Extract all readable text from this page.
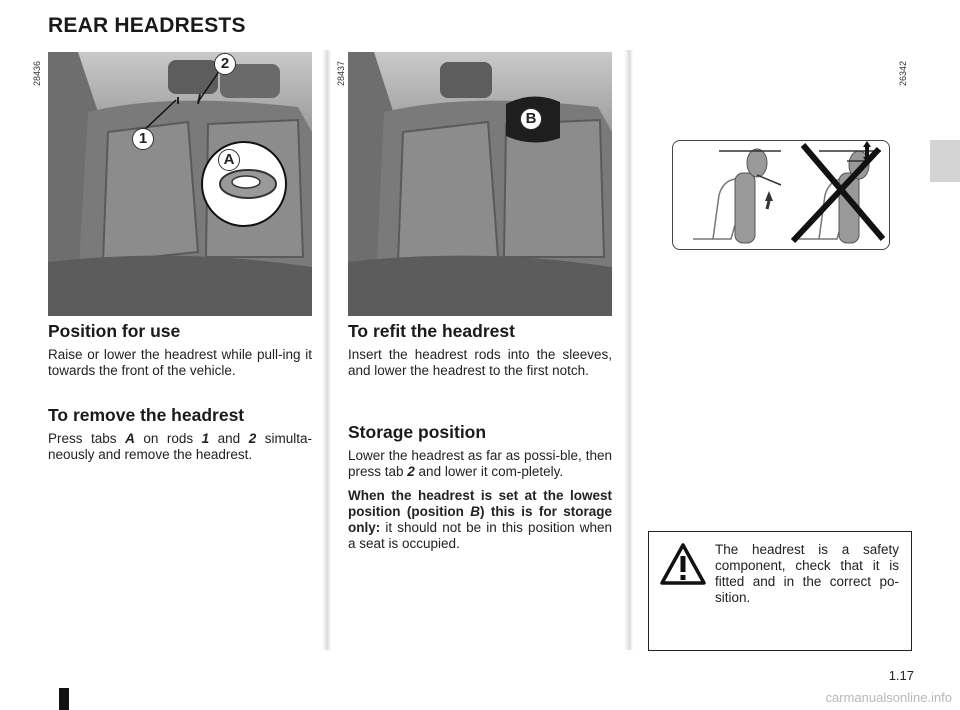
REAR HEADRESTS
28436
1
2
A
28437
B
26342
Position for use

Raise or lower the headrest while pull-ing it towards the front of the vehicle.

To remove the headrest

Press tabs A on rods 1 and 2 simulta-neously and remove the headrest.

To refit the headrest

Insert the headrest rods into the sleeves, and lower the headrest to the first notch.

Storage position

Lower the headrest as far as possi-ble, then press tab 2 and lower it com-pletely.

When the headrest is set at the lowest position (position B) this is for storage only: it should not be in this position when a seat is occupied.	The headrest is a safety component, check that it is fitted and in the correct po-sition.
1.17
carmanualsonline.info
